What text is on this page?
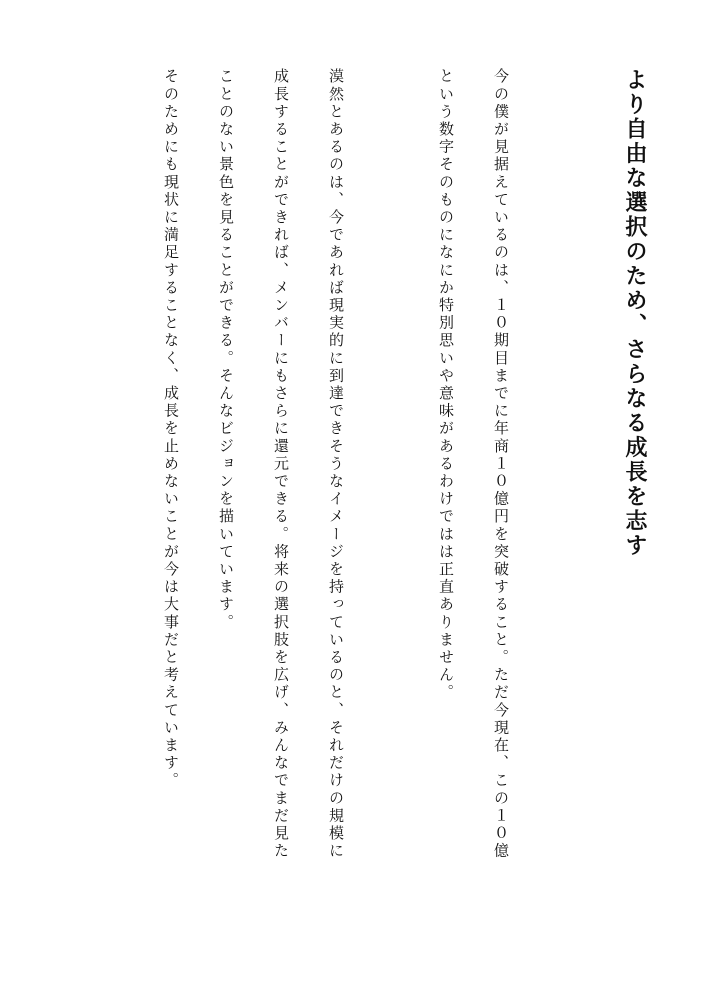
より自由な選択のため、さらなる成長を志す
今の僕が見据えているのは、１０期目までに年商１０億円を突破すること。ただ今現在、この１０億
という数字そのものになにか特別思いや意味があるわけではは正直ありません。
漠然とあるのは、今であれば現実的に到達できそうなイメージを持っているのと、それだけの規模に
成長することができれば、メンバーにもさらに還元できる。将来の選択肢を広げ、みんなでまだ見た
ことのない景色を見ることができる。そんなビジョンを描いています。
そのためにも現状に満足することなく、成長を止めないことが今は大事だと考えています。
